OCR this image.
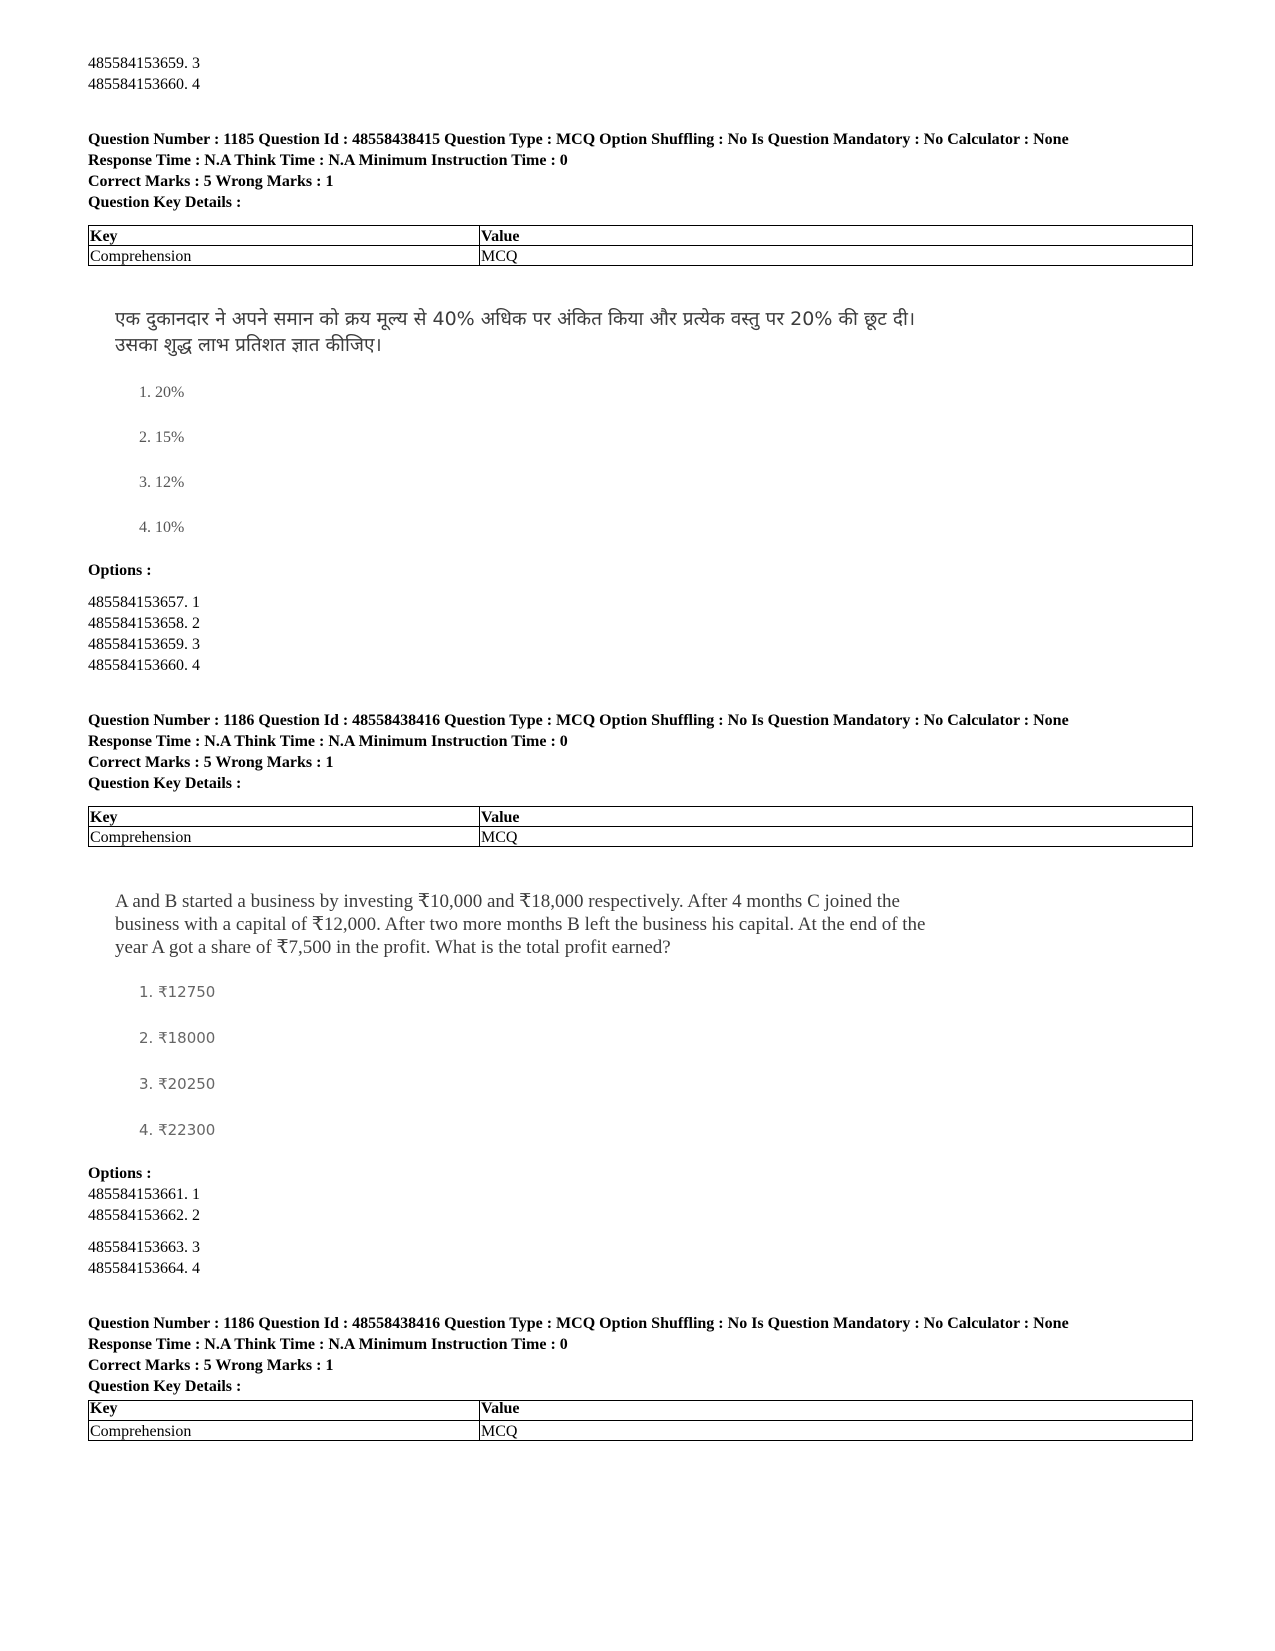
485584153659. 3
485584153660. 4
Question Number : 1185 Question Id : 48558438415 Question Type : MCQ Option Shuffling : No Is Question Mandatory : No Calculator : None
Response Time : N.A Think Time : N.A Minimum Instruction Time : 0
Correct Marks : 5 Wrong Marks : 1
Question Key Details :
Key	Value
Comprehension	MCQ
एक दुकानदार ने अपने समान को क्रय मूल्य से 40% अधिक पर अंकित किया और प्रत्येक वस्तु पर 20% की छूट दी।
उसका शुद्ध लाभ प्रतिशत ज्ञात कीजिए।
1. 20%
2. 15%
3. 12%
4. 10%
Options :
485584153657. 1
485584153658. 2
485584153659. 3
485584153660. 4
Question Number : 1186 Question Id : 48558438416 Question Type : MCQ Option Shuffling : No Is Question Mandatory : No Calculator : None
Response Time : N.A Think Time : N.A Minimum Instruction Time : 0
Correct Marks : 5 Wrong Marks : 1
Question Key Details :
Key	Value
Comprehension	MCQ
A and B started a business by investing ₹10,000 and ₹18,000 respectively. After 4 months C joined the
business with a capital of ₹12,000. After two more months B left the business his capital. At the end of the
year A got a share of ₹7,500 in the profit. What is the total profit earned?
1. ₹12750
2. ₹18000
3. ₹20250
4. ₹22300
Options :
485584153661. 1
485584153662. 2
485584153663. 3
485584153664. 4
Question Number : 1186 Question Id : 48558438416 Question Type : MCQ Option Shuffling : No Is Question Mandatory : No Calculator : None
Response Time : N.A Think Time : N.A Minimum Instruction Time : 0
Correct Marks : 5 Wrong Marks : 1
Question Key Details :
Key	Value
Comprehension	MCQ
